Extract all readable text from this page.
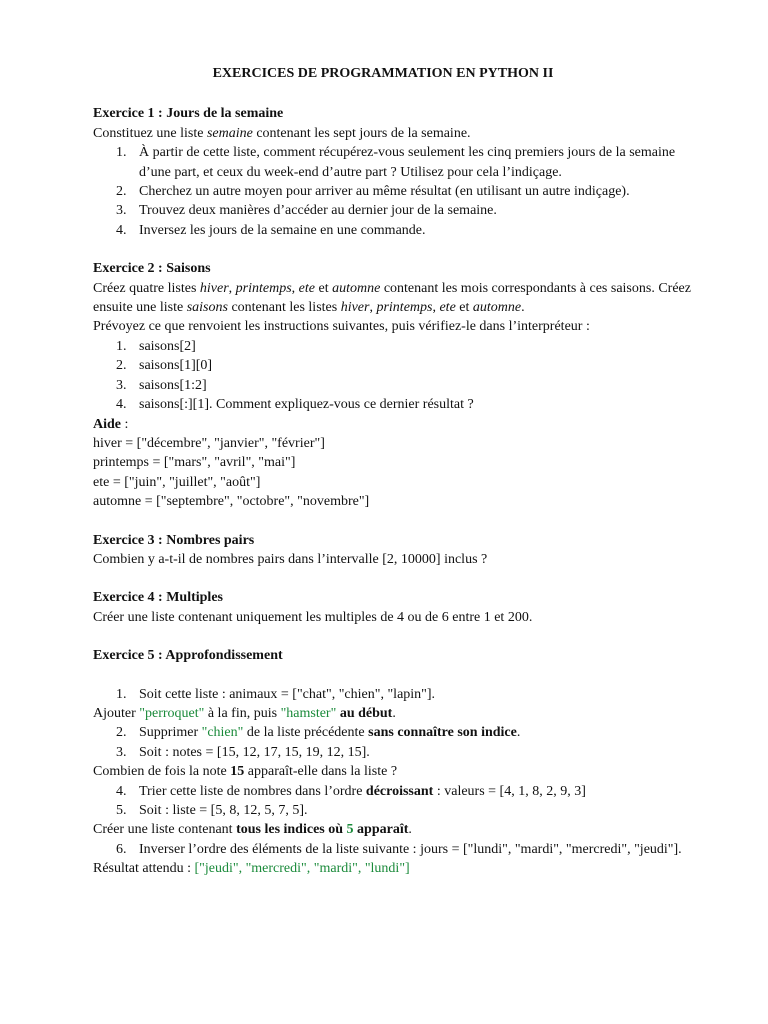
EXERCICES DE PROGRAMMATION EN PYTHON II
Exercice 1 : Jours de la semaine

Constituez une liste semaine contenant les sept jours de la semaine.

1. À partir de cette liste, comment récupérez-vous seulement les cinq premiers jours de la semaine d’une part, et ceux du week-end d’autre part ? Utilisez pour cela l’indiçage.
2. Cherchez un autre moyen pour arriver au même résultat (en utilisant un autre indiçage).
3. Trouvez deux manières d’accéder au dernier jour de la semaine.
4. Inversez les jours de la semaine en une commande.
Exercice 2 : Saisons

Créez quatre listes hiver, printemps, ete et automne contenant les mois correspondants à ces saisons. Créez ensuite une liste saisons contenant les listes hiver, printemps, ete et automne.

Prévoyez ce que renvoient les instructions suivantes, puis vérifiez-le dans l’interpréteur :

1. saisons[2]
2. saisons[1][0]
3. saisons[1:2]
4. saisons[:][1]. Comment expliquez-vous ce dernier résultat ?

Aide :

hiver = ["décembre", "janvier", "février"]

printemps = ["mars", "avril", "mai"]

ete = ["juin", "juillet", "août"]

automne = ["septembre", "octobre", "novembre"]

Exercice 3 : Nombres pairs

Combien y a-t-il de nombres pairs dans l’intervalle [2, 10000] inclus ?

Exercice 4 : Multiples

Créer une liste contenant uniquement les multiples de 4 ou de 6 entre 1 et 200.

Exercice 5 : Approfondissement
1. Soit cette liste : animaux = ["chat", "chien", "lapin"].

Ajouter "perroquet" à la fin, puis "hamster" au début.

2. Supprimer "chien" de la liste précédente sans connaître son indice.
3. Soit : notes = [15, 12, 17, 15, 19, 12, 15].

Combien de fois la note 15 apparaît-elle dans la liste ?

4. Trier cette liste de nombres dans l’ordre décroissant : valeurs = [4, 1, 8, 2, 9, 3]
5. Soit : liste = [5, 8, 12, 5, 7, 5].

Créer une liste contenant tous les indices où 5 apparaît.

6. Inverser l’ordre des éléments de la liste suivante : jours = ["lundi", "mardi", "mercredi", "jeudi"].

Résultat attendu : ["jeudi", "mercredi", "mardi", "lundi"]
